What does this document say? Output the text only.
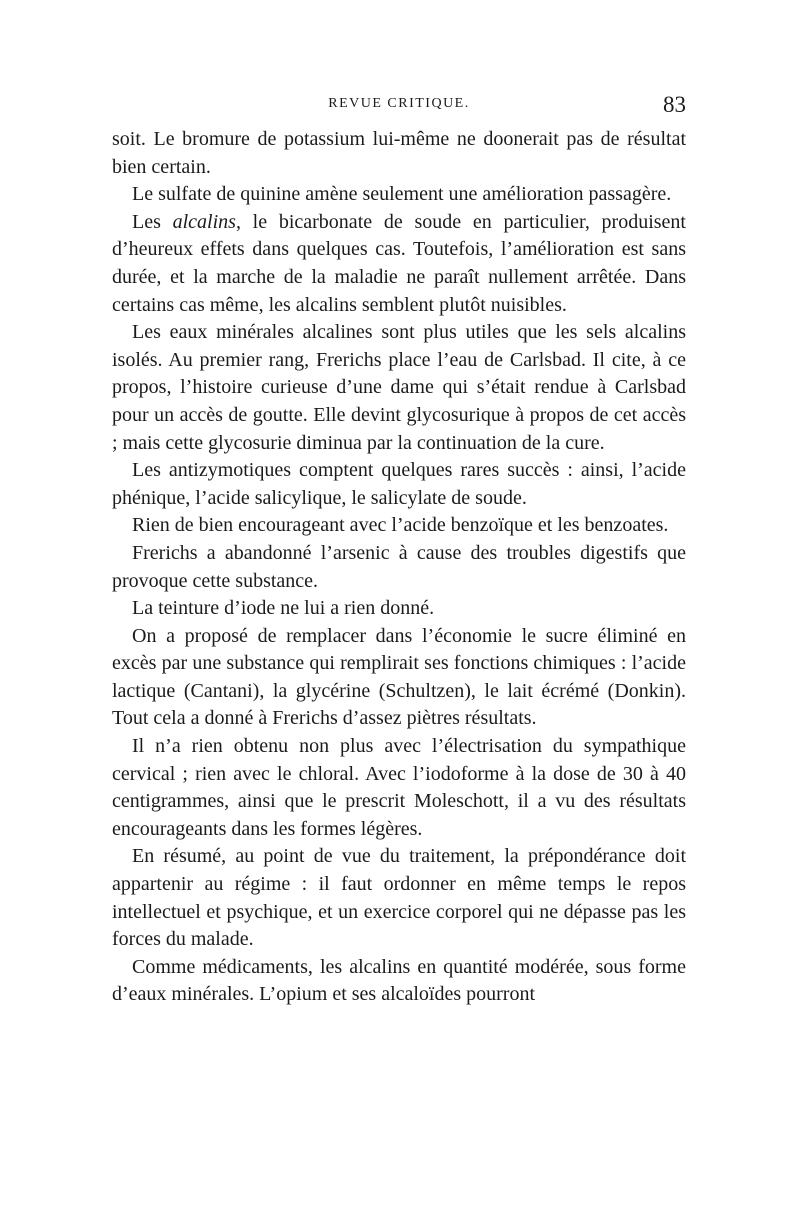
REVUE CRITIQUE.	83

soit. Le bromure de potassium lui-même ne doonerait pas de résultat bien certain.

Le sulfate de quinine amène seulement une amélioration passagère.

Les alcalins, le bicarbonate de soude en particulier, produisent d’heureux effets dans quelques cas. Toutefois, l’amélioration est sans durée, et la marche de la maladie ne paraît nullement arrêtée. Dans certains cas même, les alcalins semblent plutôt nuisibles.

Les eaux minérales alcalines sont plus utiles que les sels alcalins isolés. Au premier rang, Frerichs place l’eau de Carlsbad. Il cite, à ce propos, l’histoire curieuse d’une dame qui s’était rendue à Carlsbad pour un accès de goutte. Elle devint glycosurique à propos de cet accès ; mais cette glycosurie diminua par la continuation de la cure.

Les antizymotiques comptent quelques rares succès : ainsi, l’acide phénique, l’acide salicylique, le salicylate de soude.

Rien de bien encourageant avec l’acide benzoïque et les benzoates.

Frerichs a abandonné l’arsenic à cause des troubles digestifs que provoque cette substance.

La teinture d’iode ne lui a rien donné.

On a proposé de remplacer dans l’économie le sucre éliminé en excès par une substance qui remplirait ses fonctions chimiques : l’acide lactique (Cantani), la glycérine (Schultzen), le lait écrémé (Donkin). Tout cela a donné à Frerichs d’assez piètres résultats.

Il n’a rien obtenu non plus avec l’électrisation du sympathique cervical ; rien avec le chloral. Avec l’iodoforme à la dose de 30 à 40 centigrammes, ainsi que le prescrit Moleschott, il a vu des résultats encourageants dans les formes légères.

En résumé, au point de vue du traitement, la prépondérance doit appartenir au régime : il faut ordonner en même temps le repos intellectuel et psychique, et un exercice corporel qui ne dépasse pas les forces du malade.

Comme médicaments, les alcalins en quantité modérée, sous forme d’eaux minérales. L’opium et ses alcaloïdes pourront
